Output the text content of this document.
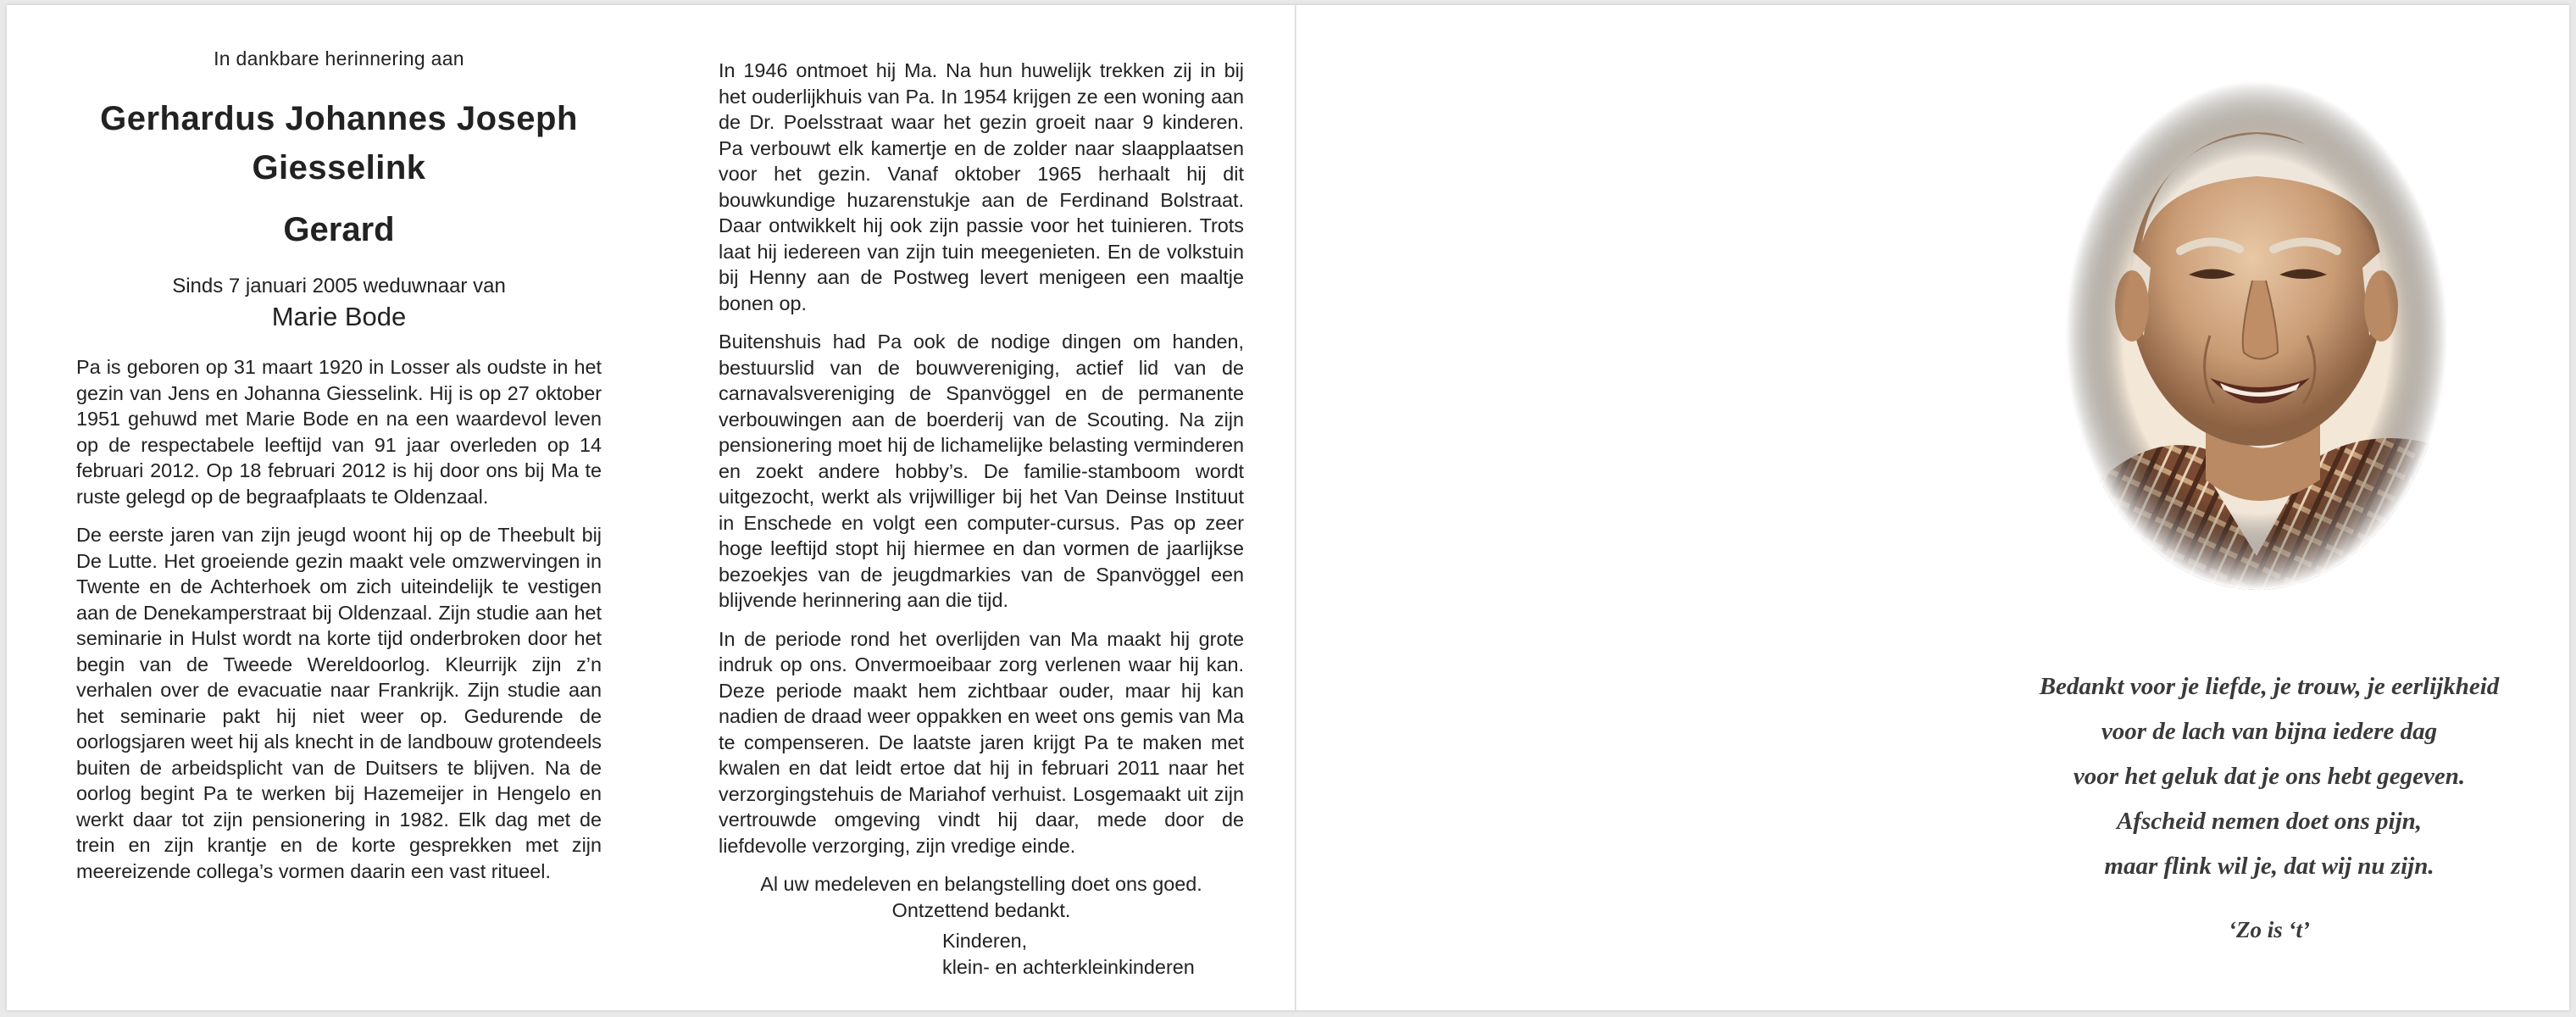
In dankbare herinnering aan

Gerhardus Johannes Joseph

Giesselink

Gerard

Sinds 7 januari 2005 weduwnaar van

Marie Bode

Pa is geboren op 31 maart 1920 in Losser als oudste in het gezin van Jens en Johanna Giesselink. Hij is op 27 oktober 1951 gehuwd met Marie Bode en na een waardevol leven op de respectabele leeftijd van 91 jaar overleden op 14 februari 2012. Op 18 februari 2012 is hij door ons bij Ma te ruste gelegd op de begraafplaats te Oldenzaal.

De eerste jaren van zijn jeugd woont hij op de Theebult bij De Lutte. Het groeiende gezin maakt vele omzwervingen in Twente en de Achterhoek om zich uiteindelijk te vestigen aan de Denekamperstraat bij Oldenzaal. Zijn studie aan het seminarie in Hulst wordt na korte tijd onderbroken door het begin van de Tweede Wereldoorlog. Kleurrijk zijn z’n verhalen over de evacuatie naar Frankrijk. Zijn studie aan het seminarie pakt hij niet weer op. Gedurende de oorlogsjaren weet hij als knecht in de landbouw grotendeels buiten de arbeidsplicht van de Duitsers te blijven. Na de oorlog begint Pa te werken bij Hazemeijer in Hengelo en werkt daar tot zijn pensionering in 1982. Elk dag met de trein en zijn krantje en de korte gesprekken met zijn meereizende collega’s vormen daarin een vast ritueel.

In 1946 ontmoet hij Ma. Na hun huwelijk trekken zij in bij het ouderlijkhuis van Pa. In 1954 krijgen ze een woning aan de Dr. Poelsstraat waar het gezin groeit naar 9 kinderen. Pa verbouwt elk kamertje en de zolder naar slaapplaatsen voor het gezin. Vanaf oktober 1965 herhaalt hij dit bouwkundige huzarenstukje aan de Ferdinand Bolstraat. Daar ontwikkelt hij ook zijn passie voor het tuinieren. Trots laat hij iedereen van zijn tuin meegenieten. En de volkstuin bij Henny aan de Postweg levert menigeen een maaltje bonen op.

Buitenshuis had Pa ook de nodige dingen om handen, bestuurslid van de bouwvereniging, actief lid van de carnavalsvereniging de Spanvöggel en de permanente verbouwingen aan de boerderij van de Scouting. Na zijn pensionering moet hij de lichamelijke belasting verminderen en zoekt andere hobby’s. De familie-stamboom wordt uitgezocht, werkt als vrijwilliger bij het Van Deinse Instituut in Enschede en volgt een computer-cursus. Pas op zeer hoge leeftijd stopt hij hiermee en dan vormen de jaarlijkse bezoekjes van de jeugdmarkies van de Spanvöggel een blijvende herinnering aan die tijd.

In de periode rond het overlijden van Ma maakt hij grote indruk op ons. Onvermoeibaar zorg verlenen waar hij kan. Deze periode maakt hem zichtbaar ouder, maar hij kan nadien de draad weer oppakken en weet ons gemis van Ma te compenseren. De laatste jaren krijgt Pa te maken met kwalen en dat leidt ertoe dat hij in februari 2011 naar het verzorgingstehuis de Mariahof verhuist. Losgemaakt uit zijn vertrouwde omgeving vindt hij daar, mede door de liefdevolle verzorging, zijn vredige einde.

Al uw medeleven en belangstelling doet ons goed.
Ontzettend bedankt.

Kinderen,
klein- en achterkleinkinderen
Bedankt voor je liefde, je trouw, je eerlijkheid
voor de lach van bijna iedere dag
voor het geluk dat je ons hebt gegeven.
Afscheid nemen doet ons pijn,
maar flink wil je, dat wij nu zijn.
‘Zo is ‘t’
